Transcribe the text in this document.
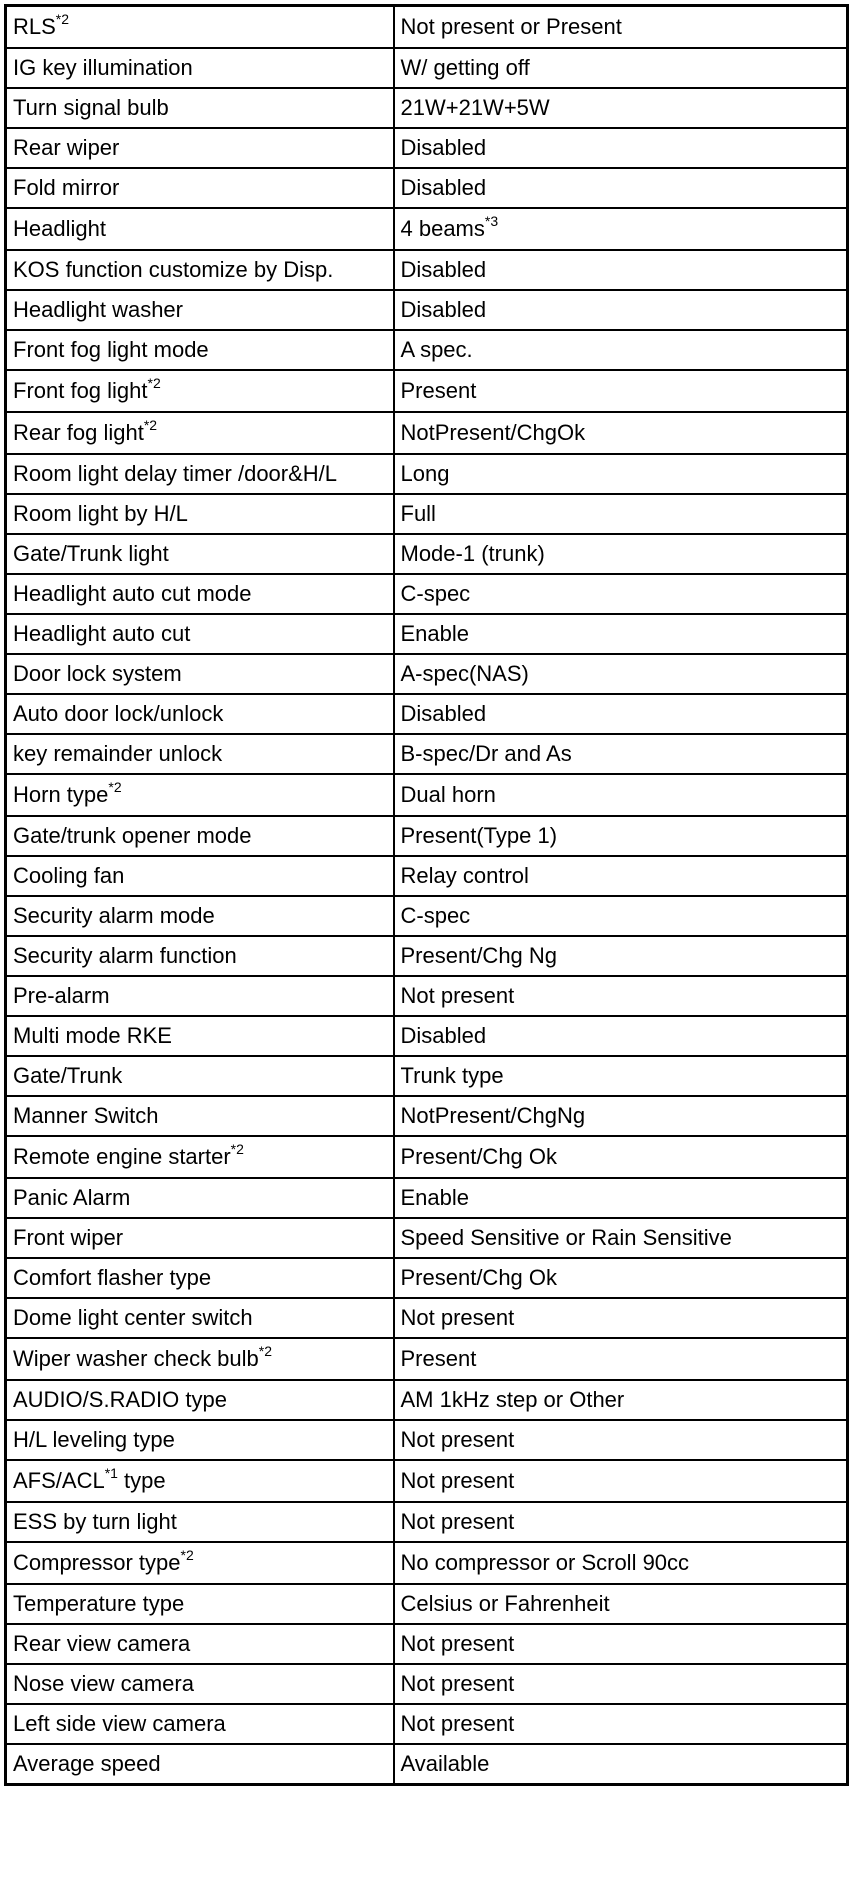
RLS$^{*2}$	Not present or Present
IG key illumination	W/ getting off
Turn signal bulb	21W+21W+5W
Rear wiper	Disabled
Fold mirror	Disabled
Headlight	4 beams$^{*3}$
KOS function customize by Disp.	Disabled
Headlight washer	Disabled
Front fog light mode	A spec.
Front fog light$^{*2}$	Present
Rear fog light$^{*2}$	NotPresent/ChgOk
Room light delay timer /door&H/L	Long
Room light by H/L	Full
Gate/Trunk light	Mode-1 (trunk)
Headlight auto cut mode	C-spec
Headlight auto cut	Enable
Door lock system	A-spec(NAS)
Auto door lock/unlock	Disabled
key remainder unlock	B-spec/Dr and As
Horn type$^{*2}$	Dual horn
Gate/trunk opener mode	Present(Type 1)
Cooling fan	Relay control
Security alarm mode	C-spec
Security alarm function	Present/Chg Ng
Pre-alarm	Not present
Multi mode RKE	Disabled
Gate/Trunk	Trunk type
Manner Switch	NotPresent/ChgNg
Remote engine starter$^{*2}$	Present/Chg Ok
Panic Alarm	Enable
Front wiper	Speed Sensitive or Rain Sensitive
Comfort flasher type	Present/Chg Ok
Dome light center switch	Not present
Wiper washer check bulb$^{*2}$	Present
AUDIO/S.RADIO type	AM 1kHz step or Other
H/L leveling type	Not present
AFS/ACL$^{*1}$ type	Not present
ESS by turn light	Not present
Compressor type$^{*2}$	No compressor or Scroll 90cc
Temperature type	Celsius or Fahrenheit
Rear view camera	Not present
Nose view camera	Not present
Left side view camera	Not present
Average speed	Available
